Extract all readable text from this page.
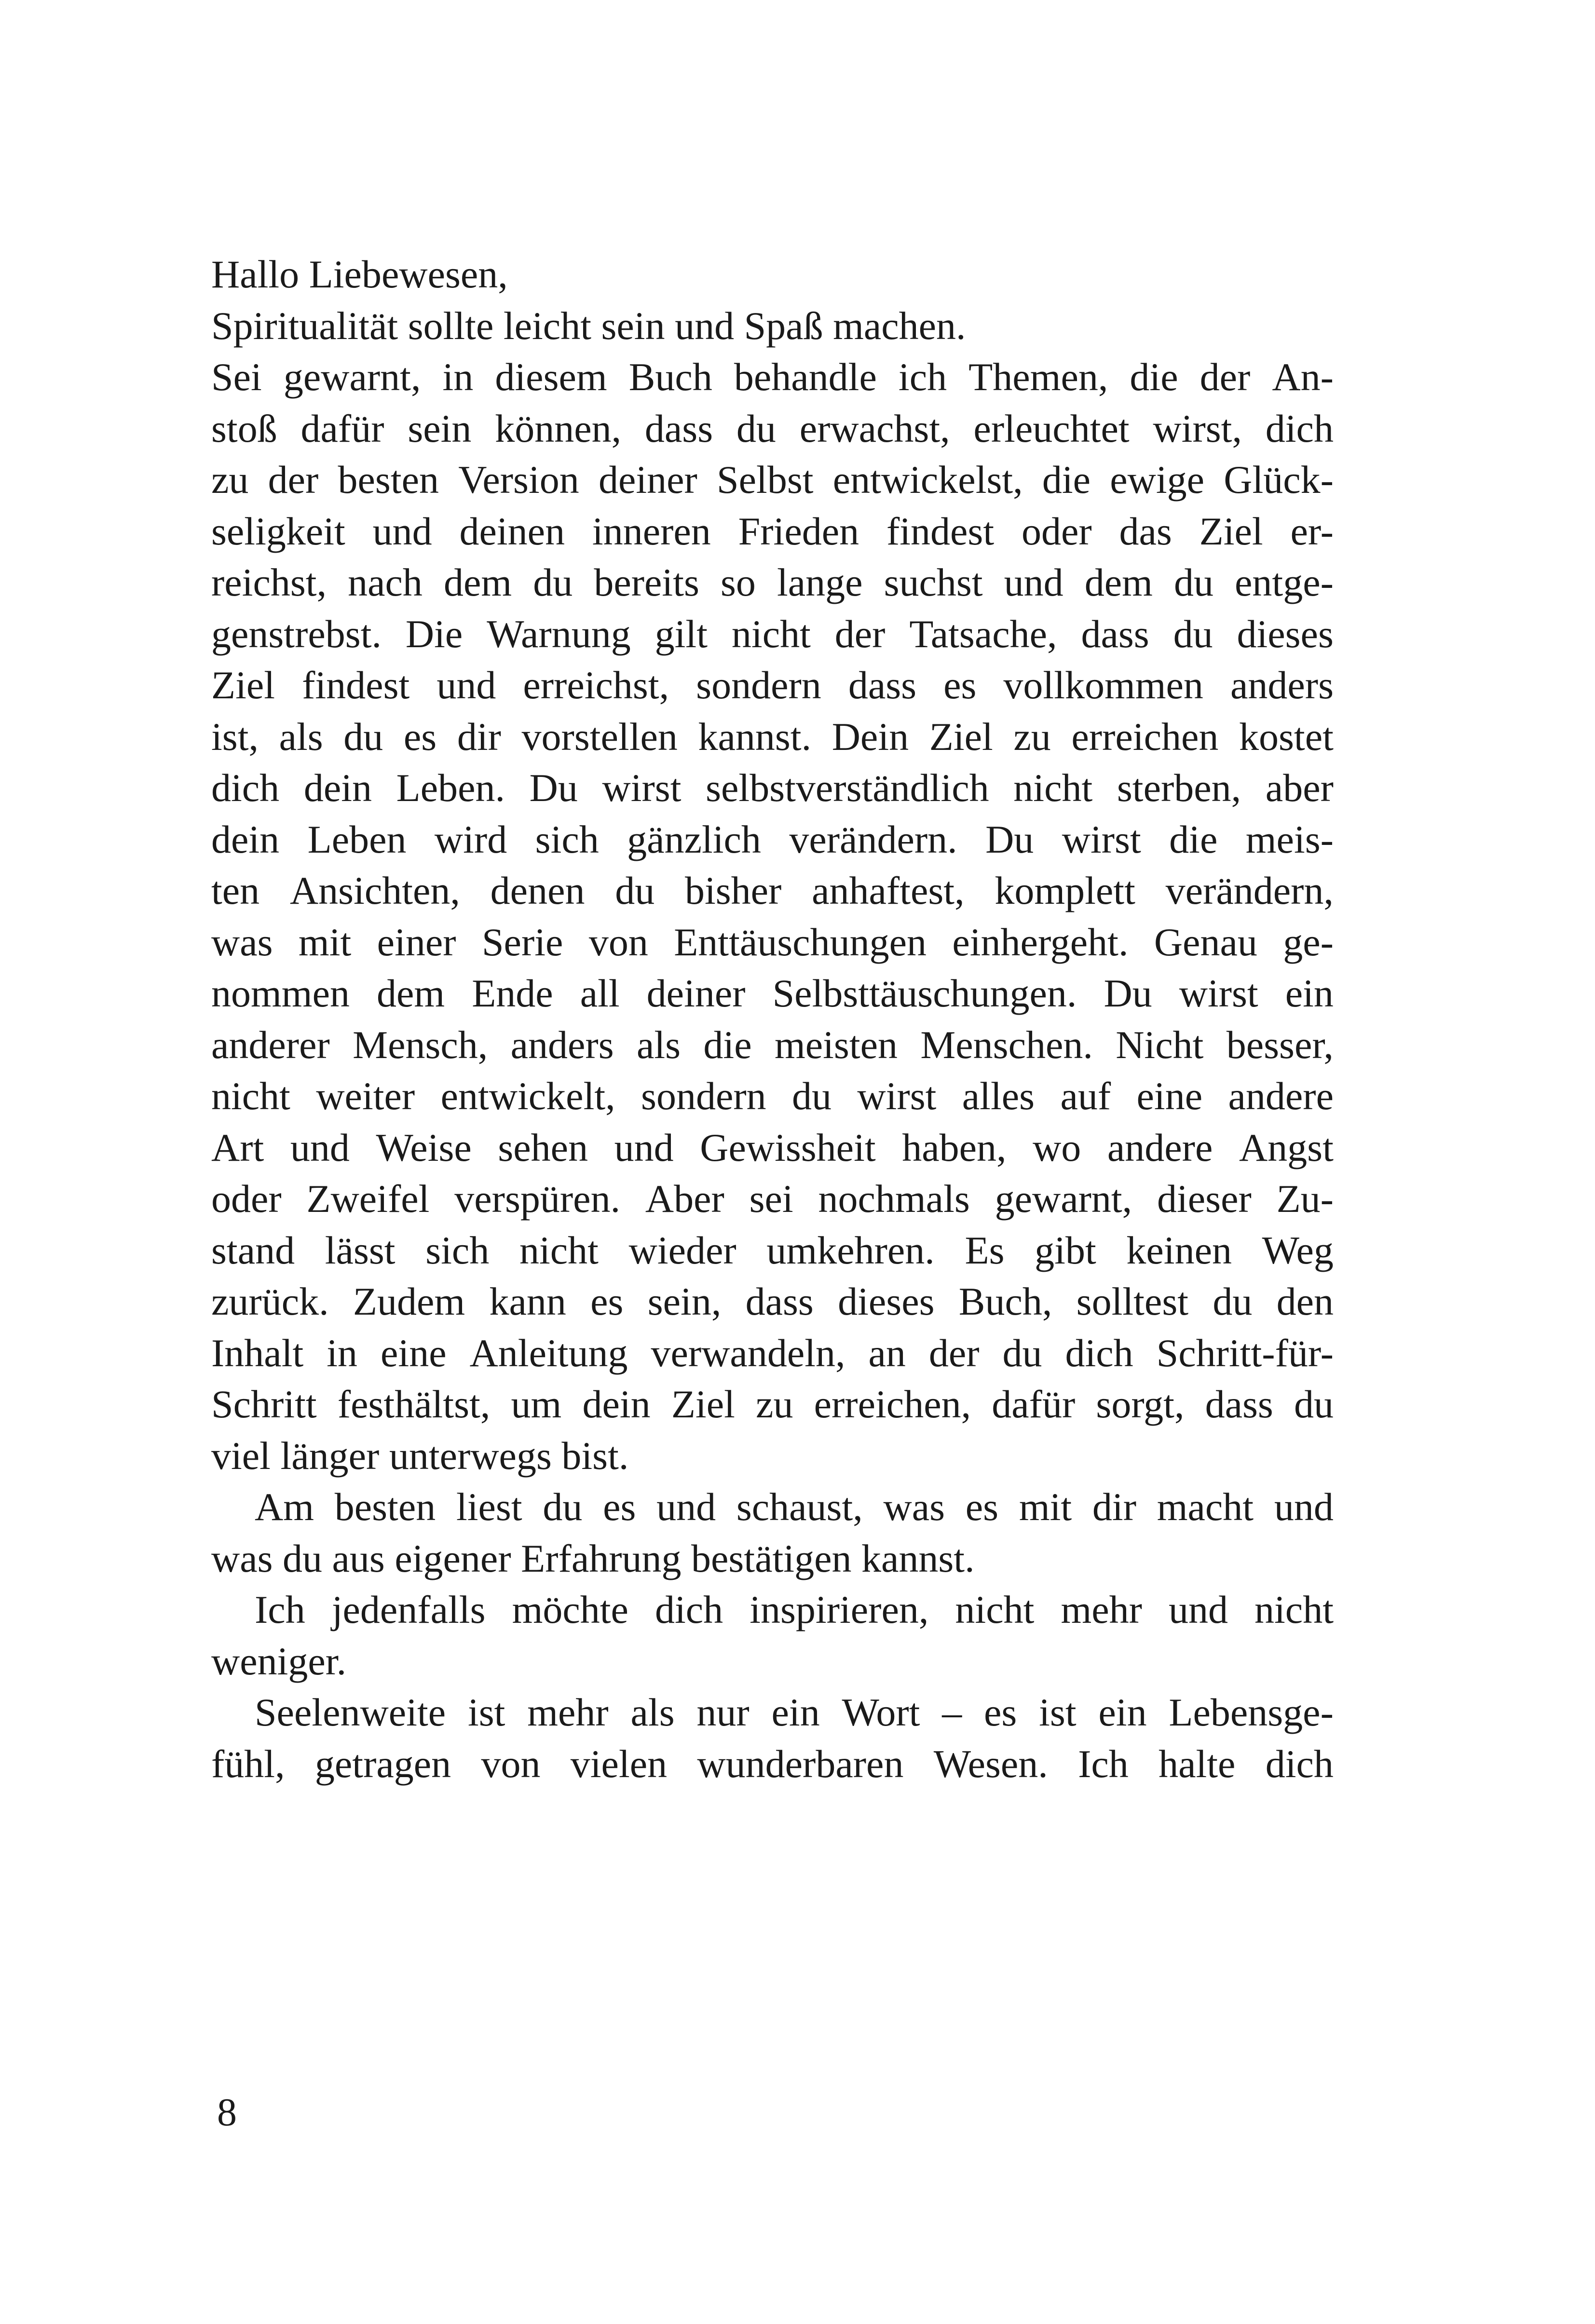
Hallo Liebewesen,
Spiritualität sollte leicht sein und Spaß machen.
Sei gewarnt, in diesem Buch behandle ich Themen, die der An-
stoß dafür sein können, dass du erwachst, erleuchtet wirst, dich
zu der besten Version deiner Selbst entwickelst, die ewige Glück-
seligkeit und deinen inneren Frieden findest oder das Ziel er-
reichst, nach dem du bereits so lange suchst und dem du entge-
genstrebst. Die Warnung gilt nicht der Tatsache, dass du dieses
Ziel findest und erreichst, sondern dass es vollkommen anders
ist, als du es dir vorstellen kannst. Dein Ziel zu erreichen kostet
dich dein Leben. Du wirst selbstverständlich nicht sterben, aber
dein Leben wird sich gänzlich verändern. Du wirst die meis-
ten Ansichten, denen du bisher anhaftest, komplett verändern,
was mit einer Serie von Enttäuschungen einhergeht. Genau ge-
nommen dem Ende all deiner Selbsttäuschungen. Du wirst ein
anderer Mensch, anders als die meisten Menschen. Nicht besser,
nicht weiter entwickelt, sondern du wirst alles auf eine andere
Art und Weise sehen und Gewissheit haben, wo andere Angst
oder Zweifel verspüren. Aber sei nochmals gewarnt, dieser Zu-
stand lässt sich nicht wieder umkehren. Es gibt keinen Weg
zurück. Zudem kann es sein, dass dieses Buch, solltest du den
Inhalt in eine Anleitung verwandeln, an der du dich Schritt-für-
Schritt festhältst, um dein Ziel zu erreichen, dafür sorgt, dass du
viel länger unterwegs bist.
Am besten liest du es und schaust, was es mit dir macht und
was du aus eigener Erfahrung bestätigen kannst.
Ich jedenfalls möchte dich inspirieren, nicht mehr und nicht
weniger.
Seelenweite ist mehr als nur ein Wort – es ist ein Lebensge-
fühl, getragen von vielen wunderbaren Wesen. Ich halte dich
8
